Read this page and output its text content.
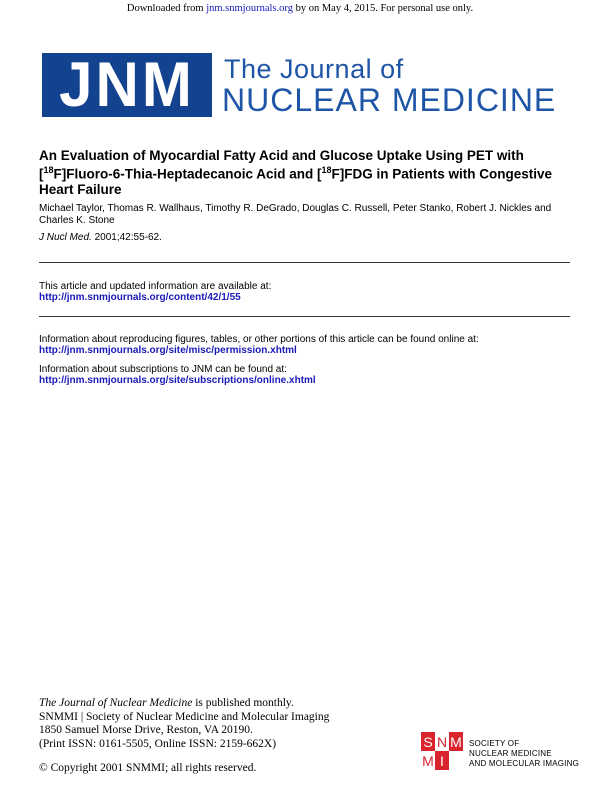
Downloaded from jnm.snmjournals.org by on May 4, 2015. For personal use only.
JNM The Journal of
NUCLEAR MEDICINE
An Evaluation of Myocardial Fatty Acid and Glucose Uptake Using PET with [$^{18}$F]Fluoro-6-Thia-Heptadecanoic Acid and [$^{18}$F]FDG in Patients with Congestive Heart Failure
Michael Taylor, Thomas R. Wallhaus, Timothy R. DeGrado, Douglas C. Russell, Peter Stanko, Robert J. Nickles and Charles K. Stone
J Nucl Med. 2001;42:55-62.
This article and updated information are available at:
http://jnm.snmjournals.org/content/42/1/55
Information about reproducing figures, tables, or other portions of this article can be found online at:
http://jnm.snmjournals.org/site/misc/permission.xhtml
Information about subscriptions to JNM can be found at:
http://jnm.snmjournals.org/site/subscriptions/online.xhtml
The Journal of Nuclear Medicine is published monthly.
SNMMI | Society of Nuclear Medicine and Molecular Imaging
1850 Samuel Morse Drive, Reston, VA 20190.
(Print ISSN: 0161-5505, Online ISSN: 2159-662X)
© Copyright 2001 SNMMI; all rights reserved.
S N M
M I
SOCIETY OF
NUCLEAR MEDICINE
AND MOLECULAR IMAGING
